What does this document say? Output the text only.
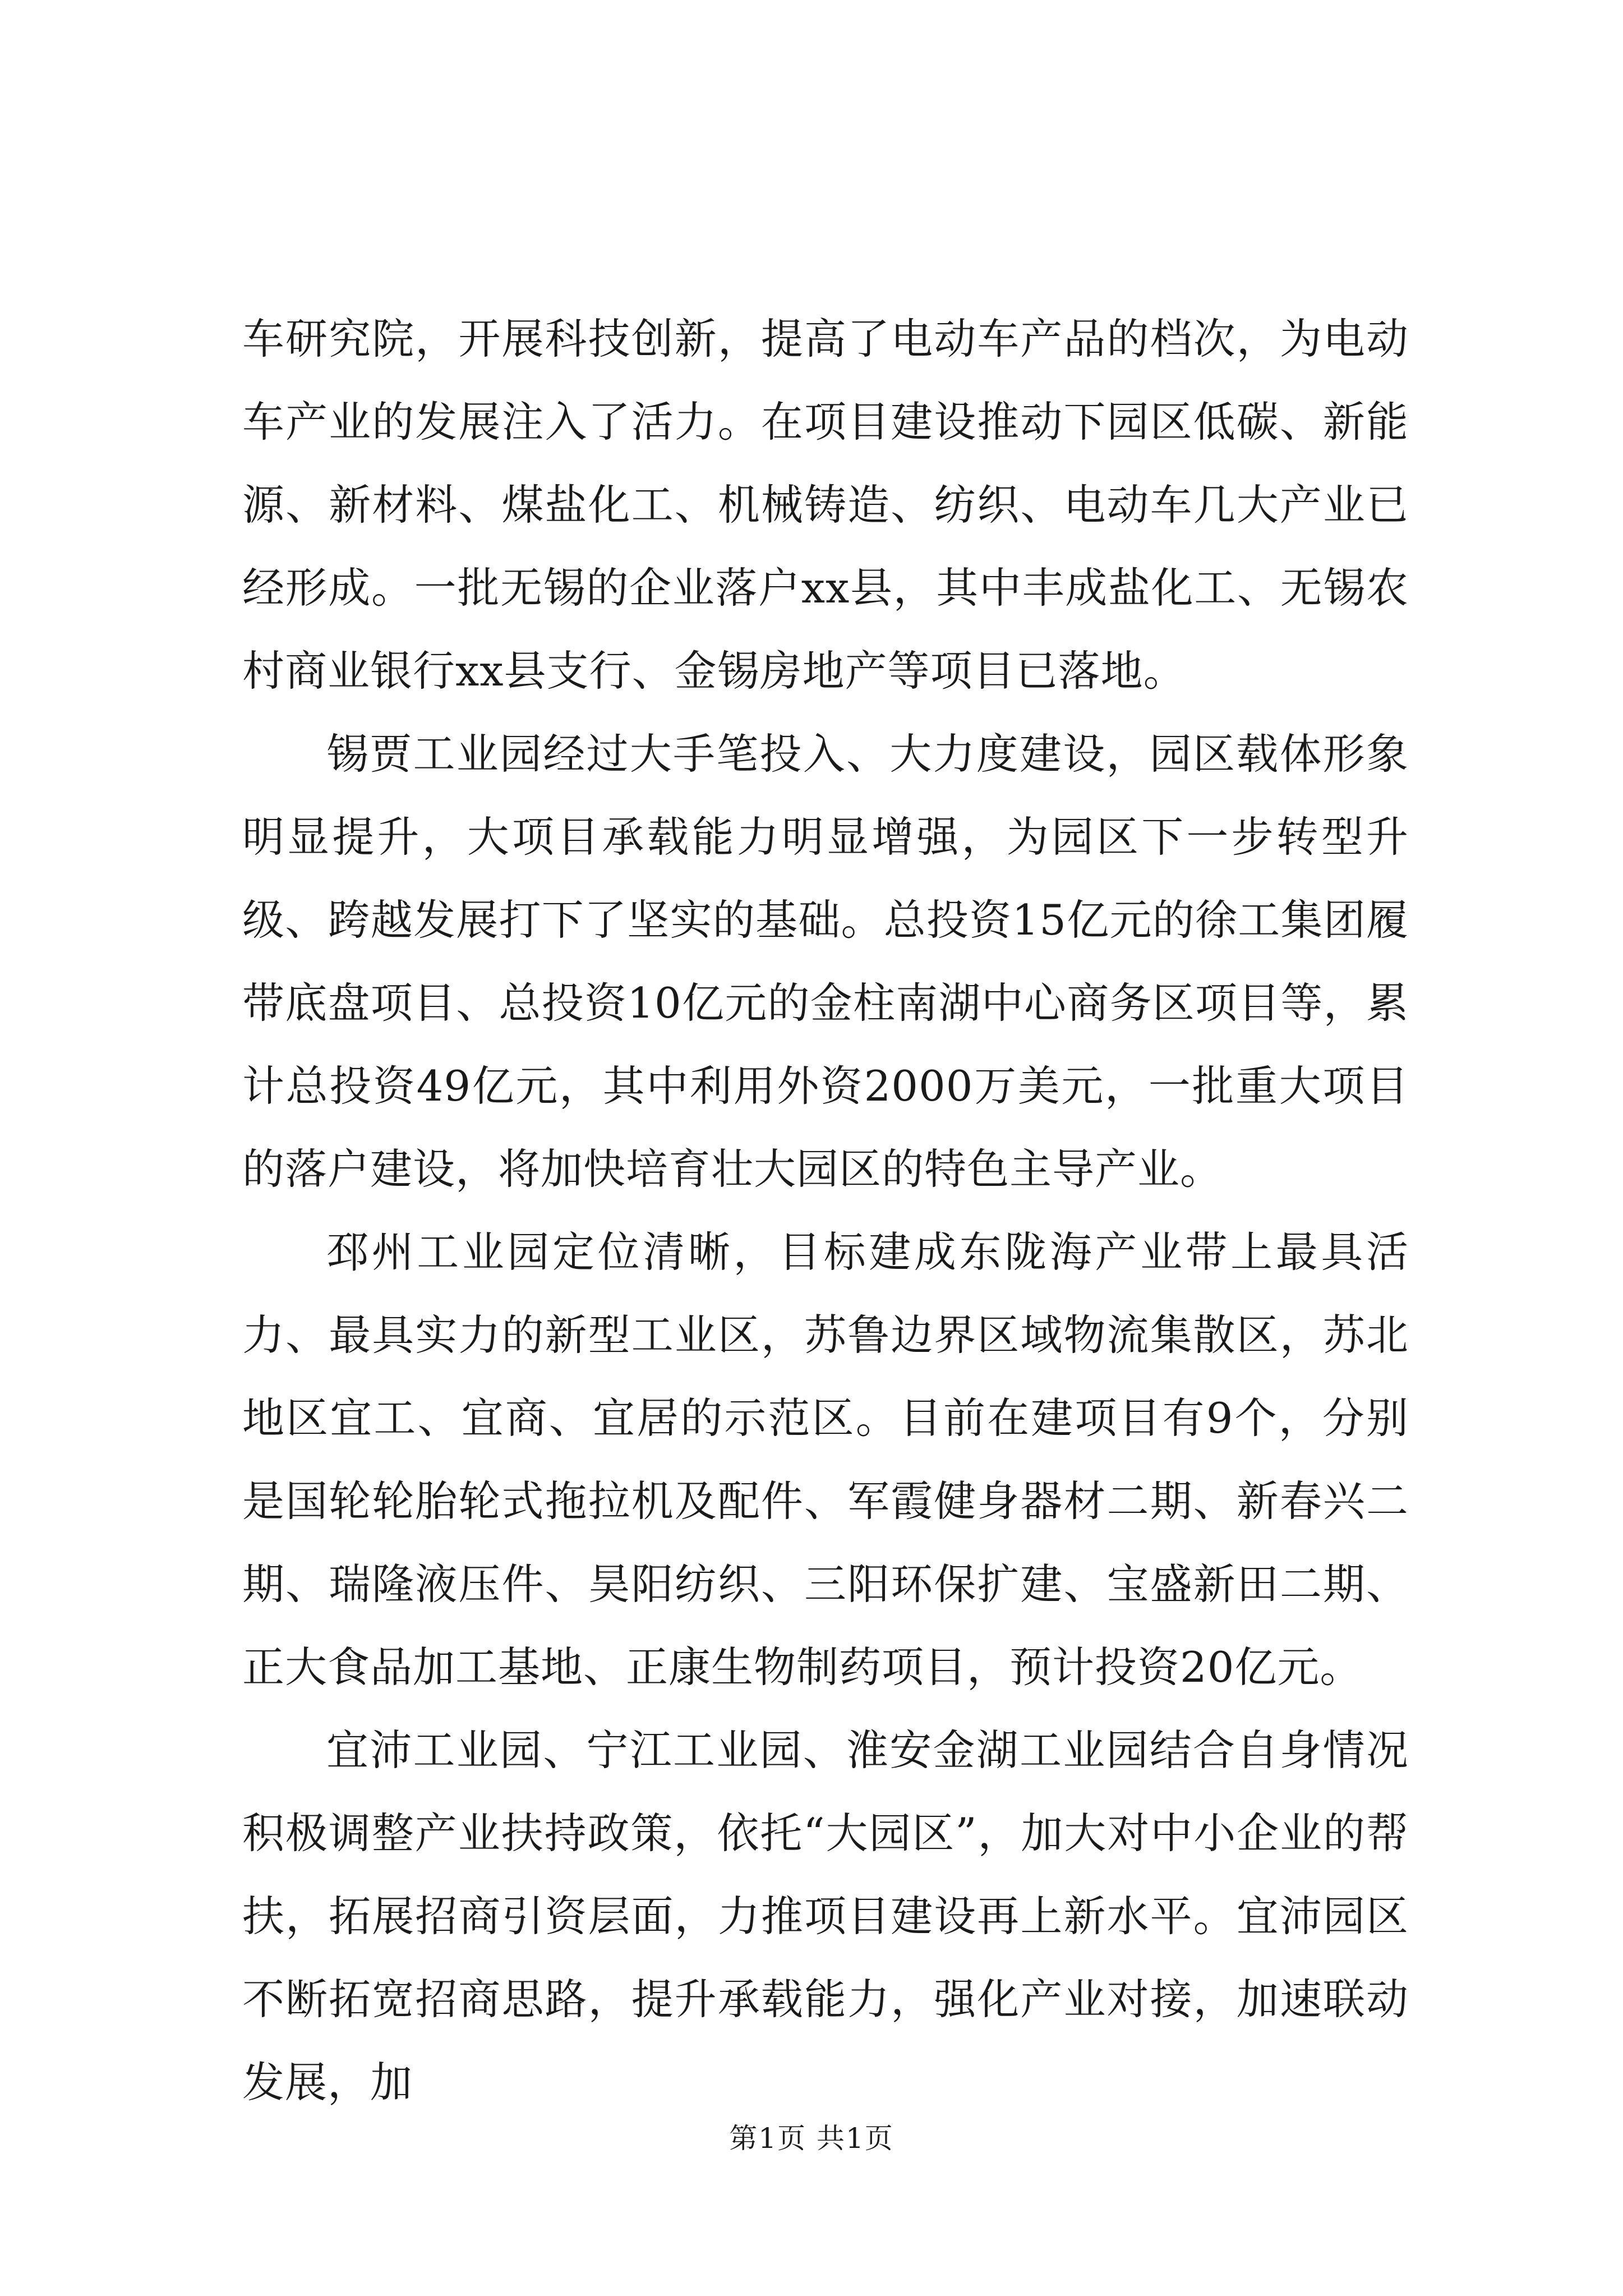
车研究院，开展科技创新，提高了电动车产品的档次，为电动车产业的发展注入了活力。在项目建设推动下园区低碳、新能源、新材料、煤盐化工、机械铸造、纺织、电动车几大产业已经形成。一批无锡的企业落户xx县，其中丰成盐化工、无锡农村商业银行xx县支行、金锡房地产等项目已落地。

锡贾工业园经过大手笔投入、大力度建设，园区载体形象明显提升，大项目承载能力明显增强，为园区下一步转型升级、跨越发展打下了坚实的基础。总投资15亿元的徐工集团履带底盘项目、总投资10亿元的金柱南湖中心商务区项目等，累计总投资49亿元，其中利用外资2000万美元，一批重大项目的落户建设，将加快培育壮大园区的特色主导产业。

邳州工业园定位清晰，目标建成东陇海产业带上最具活力、最具实力的新型工业区，苏鲁边界区域物流集散区，苏北地区宜工、宜商、宜居的示范区。目前在建项目有9个，分别是国轮轮胎轮式拖拉机及配件、军霞健身器材二期、新春兴二期、瑞隆液压件、昊阳纺织、三阳环保扩建、宝盛新田二期、正大食品加工基地、正康生物制药项目，预计投资20亿元。

宜沛工业园、宁江工业园、淮安金湖工业园结合自身情况积极调整产业扶持政策，依托“大园区”，加大对中小企业的帮扶，拓展招商引资层面，力推项目建设再上新水平。宜沛园区不断拓宽招商思路，提升承载能力，强化产业对接，加速联动发展，加

第1页 共1页
